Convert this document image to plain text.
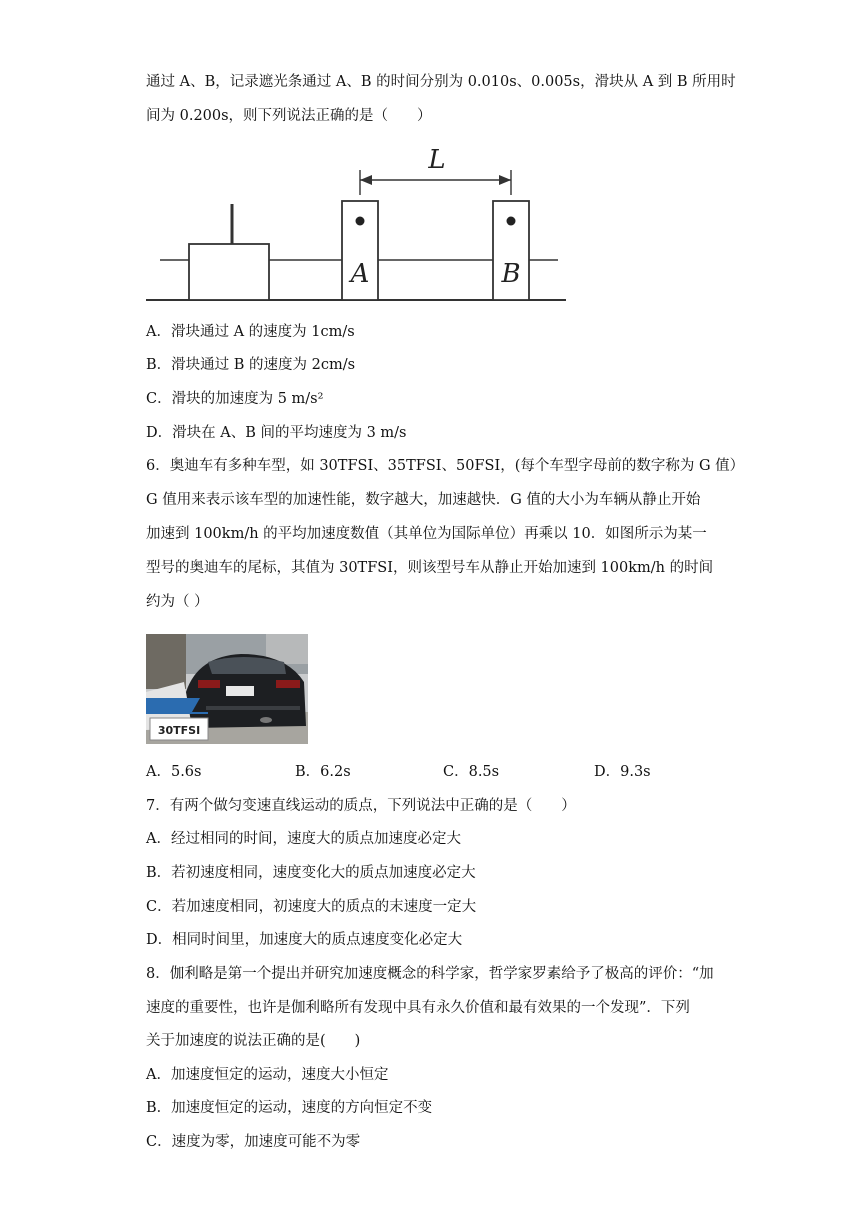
通过 A、B，记录遮光条通过 A、B 的时间分别为 0.010s、0.005s，滑块从 A 到 B 所用时
间为 0.200s，则下列说法正确的是（　　）
A	B
L
A．滑块通过 A 的速度为 1cm/s
B．滑块通过 B 的速度为 2cm/s
C．滑块的加速度为 5 m/s²
D．滑块在 A、B 间的平均速度为 3 m/s
6．奥迪车有多种车型，如 30TFSI、35TFSI、50FSI，(每个车型字母前的数字称为 G 值）
G 值用来表示该车型的加速性能，数字越大，加速越快．G 值的大小为车辆从静止开始
加速到 100km/h 的平均加速度数值（其单位为国际单位）再乘以 10．如图所示为某一
型号的奥迪车的尾标，其值为 30TFSI，则该型号车从静止开始加速到 100km/h 的时间
约为（ ）
30TFSI
A．5.6s	B．6.2s	C．8.5s	D．9.3s
7．有两个做匀变速直线运动的质点，下列说法中正确的是（　　）
A．经过相同的时间，速度大的质点加速度必定大
B．若初速度相同，速度变化大的质点加速度必定大
C．若加速度相同，初速度大的质点的末速度一定大
D．相同时间里，加速度大的质点速度变化必定大
8．伽利略是第一个提出并研究加速度概念的科学家，哲学家罗素给予了极高的评价：“加
速度的重要性，也许是伽利略所有发现中具有永久价值和最有效果的一个发现”．下列
关于加速度的说法正确的是(　　)
A．加速度恒定的运动，速度大小恒定
B．加速度恒定的运动，速度的方向恒定不变
C．速度为零，加速度可能不为零
